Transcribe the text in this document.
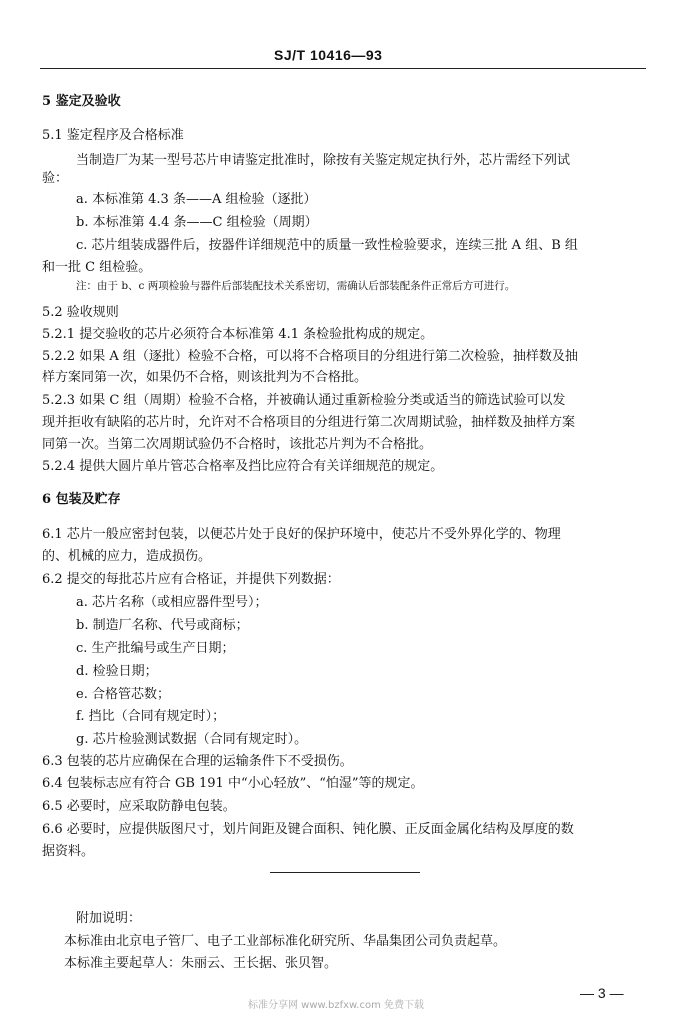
SJ/T 10416—93
5 鉴定及验收
5.1 鉴定程序及合格标准
当制造厂为某一型号芯片申请鉴定批准时，除按有关鉴定规定执行外，芯片需经下列试
验：
a. 本标准第 4.3 条——A 组检验（逐批）
b. 本标准第 4.4 条——C 组检验（周期）
c. 芯片组装成器件后，按器件详细规范中的质量一致性检验要求，连续三批 A 组、B 组
和一批 C 组检验。
注：由于 b、c 两项检验与器件后部装配技术关系密切，需确认后部装配条件正常后方可进行。
5.2 验收规则
5.2.1 提交验收的芯片必须符合本标准第 4.1 条检验批构成的规定。
5.2.2 如果 A 组（逐批）检验不合格，可以将不合格项目的分组进行第二次检验，抽样数及抽
样方案同第一次，如果仍不合格，则该批判为不合格批。
5.2.3 如果 C 组（周期）检验不合格，并被确认通过重新检验分类或适当的筛选试验可以发
现并拒收有缺陷的芯片时，允许对不合格项目的分组进行第二次周期试验，抽样数及抽样方案
同第一次。当第二次周期试验仍不合格时，该批芯片判为不合格批。
5.2.4 提供大圆片单片管芯合格率及挡比应符合有关详细规范的规定。
6 包装及贮存
6.1 芯片一般应密封包装，以便芯片处于良好的保护环境中，使芯片不受外界化学的、物理
的、机械的应力，造成损伤。
6.2 提交的每批芯片应有合格证，并提供下列数据：
a. 芯片名称（或相应器件型号）；
b. 制造厂名称、代号或商标；
c. 生产批编号或生产日期；
d. 检验日期；
e. 合格管芯数；
f. 挡比（合同有规定时）；
g. 芯片检验测试数据（合同有规定时）。
6.3 包装的芯片应确保在合理的运输条件下不受损伤。
6.4 包装标志应有符合 GB 191 中“小心轻放”、“怕湿”等的规定。
6.5 必要时，应采取防静电包装。
6.6 必要时，应提供版图尺寸，划片间距及键合面积、钝化膜、正反面金属化结构及厚度的数
据资料。
附加说明：
本标准由北京电子管厂、电子工业部标准化研究所、华晶集团公司负责起草。
本标准主要起草人：朱丽云、王长据、张贝智。
标准分享网 www.bzfxw.com 免费下载
— 3 —
